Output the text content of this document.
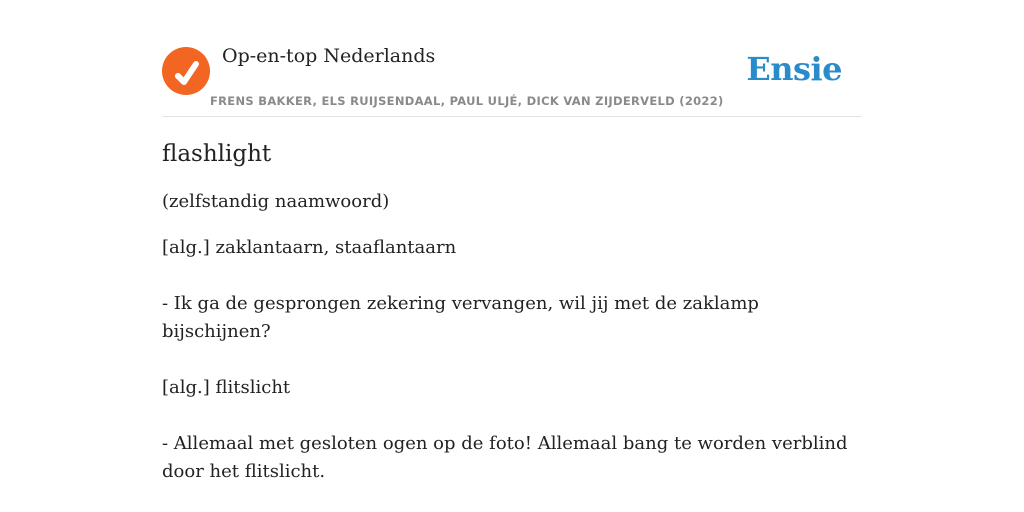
Op-en-top Nederlands
FRENS BAKKER, ELS RUIJSENDAAL, PAUL ULJÉ, DICK VAN ZIJDERVELD (2022)
Ensie
flashlight
(zelfstandig naamwoord)
[alg.] zaklantaarn, staaflantaarn
- Ik ga de gesprongen zekering vervangen, wil jij met de zaklamp bijschijnen?
[alg.] flitslicht
- Allemaal met gesloten ogen op de foto! Allemaal bang te worden verblind door het flitslicht.
